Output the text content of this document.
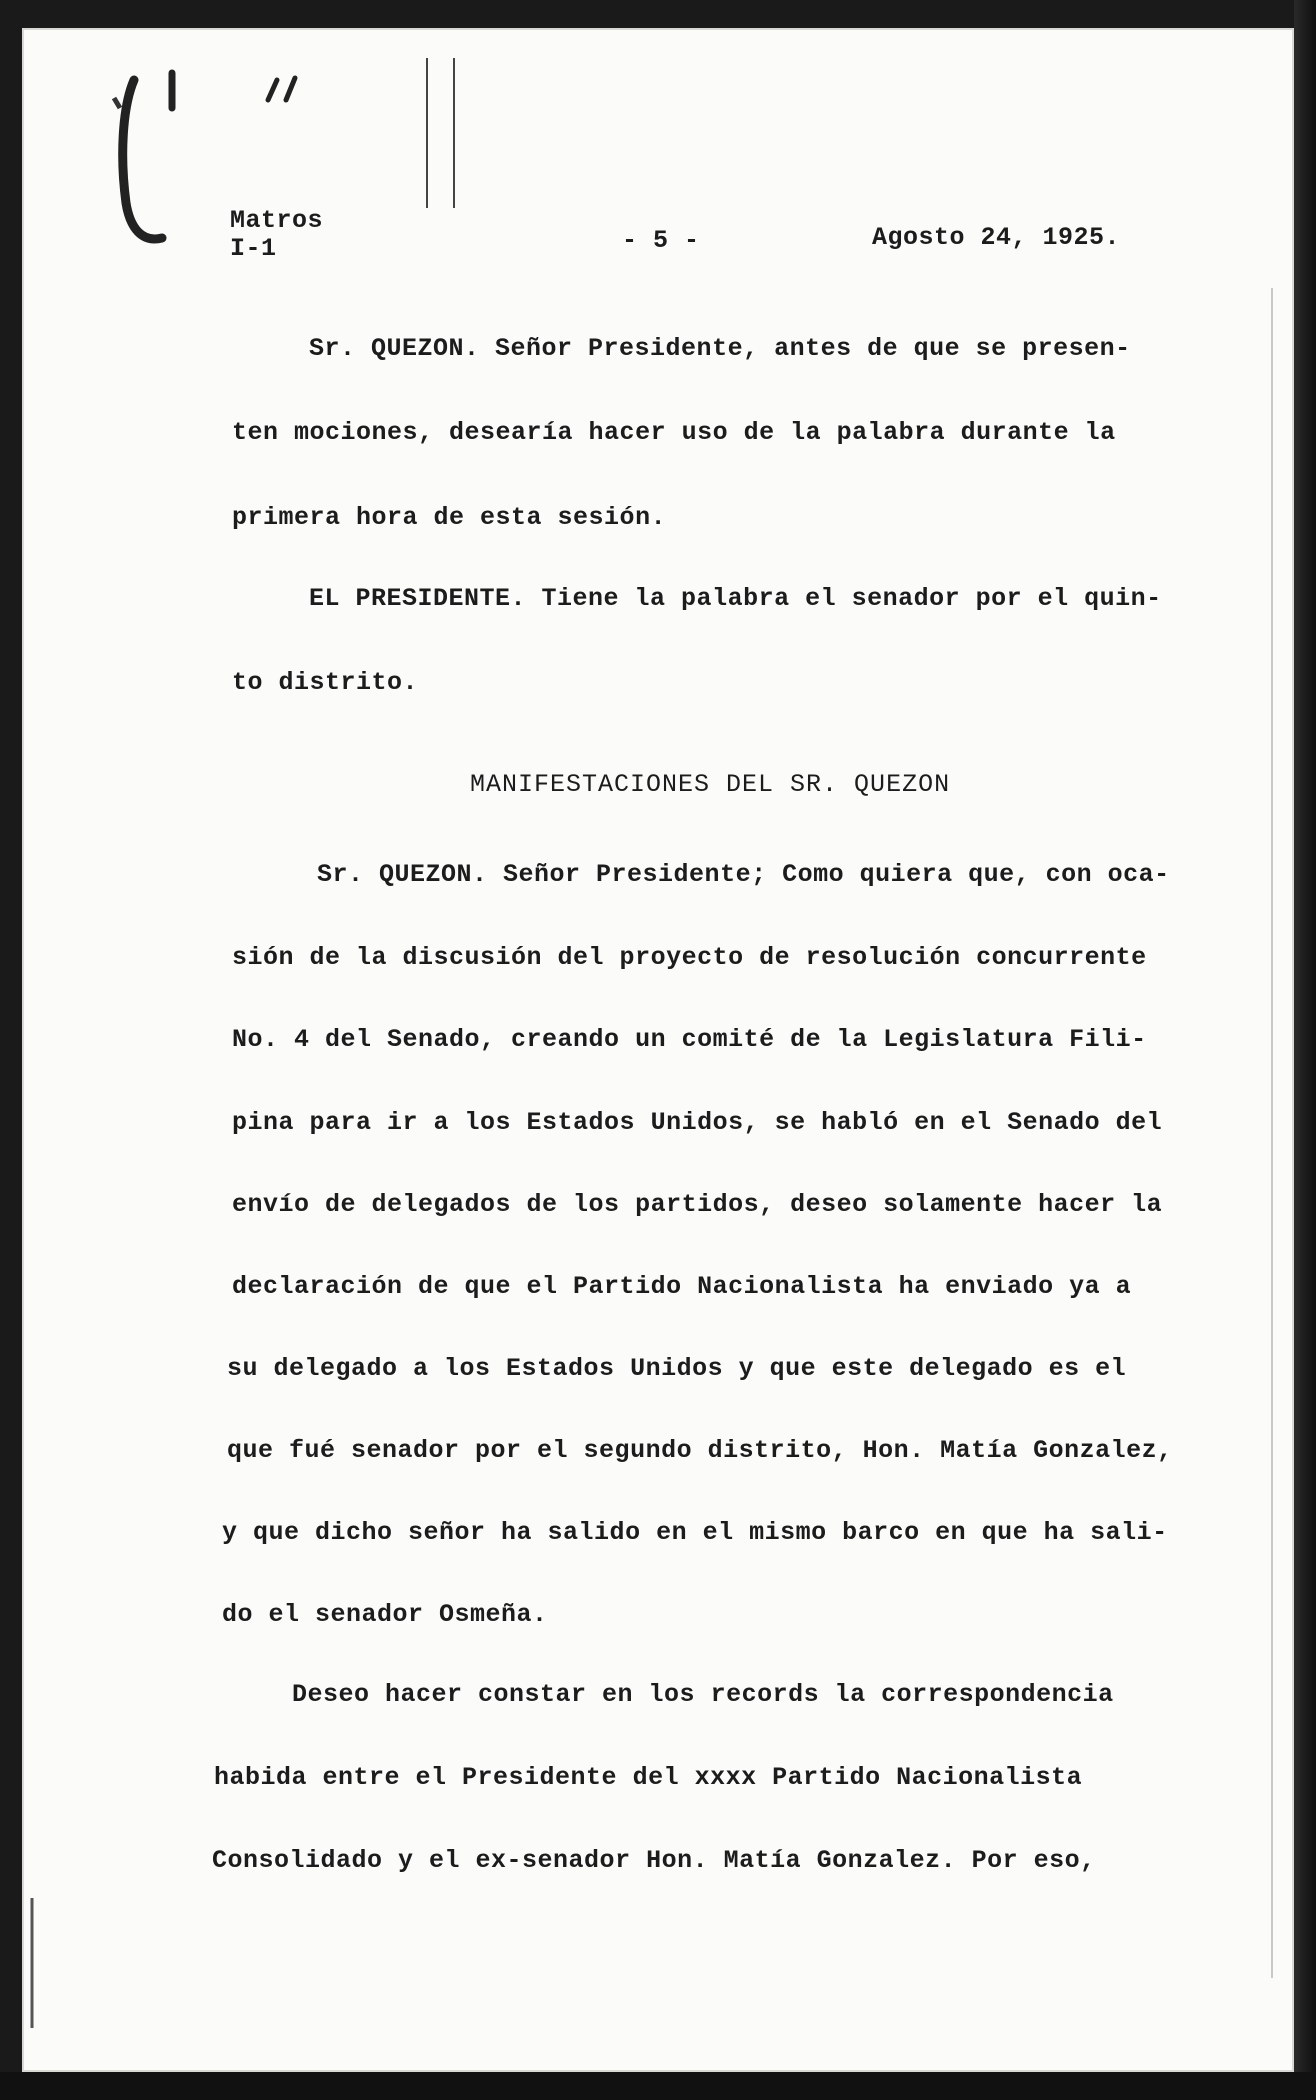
Matros
I-1	- 5 -	Agosto 24, 1925.
Sr. QUEZON. Señor Presidente, antes de que se presen-
ten mociones, desearía hacer uso de la palabra durante la
primera hora de esta sesión.
EL PRESIDENTE. Tiene la palabra el senador por el quin-
to distrito.
MANIFESTACIONES DEL SR. QUEZON
Sr. QUEZON. Señor Presidente; Como quiera que, con oca-
sión de la discusión del proyecto de resolución concurrente
No. 4 del Senado, creando un comité de la Legislatura Fili-
pina para ir a los Estados Unidos, se habló en el Senado del
envío de delegados de los partidos, deseo solamente hacer la
declaración de que el Partido Nacionalista ha enviado ya a
su delegado a los Estados Unidos y que este delegado es el
que fué senador por el segundo distrito, Hon. Matía Gonzalez,
y que dicho señor ha salido en el mismo barco en que ha sali-
do el senador Osmeña.
Deseo hacer constar en los records la correspondencia
habida entre el Presidente del xxxx Partido Nacionalista
Consolidado y el ex-senador Hon. Matía Gonzalez. Por eso,
